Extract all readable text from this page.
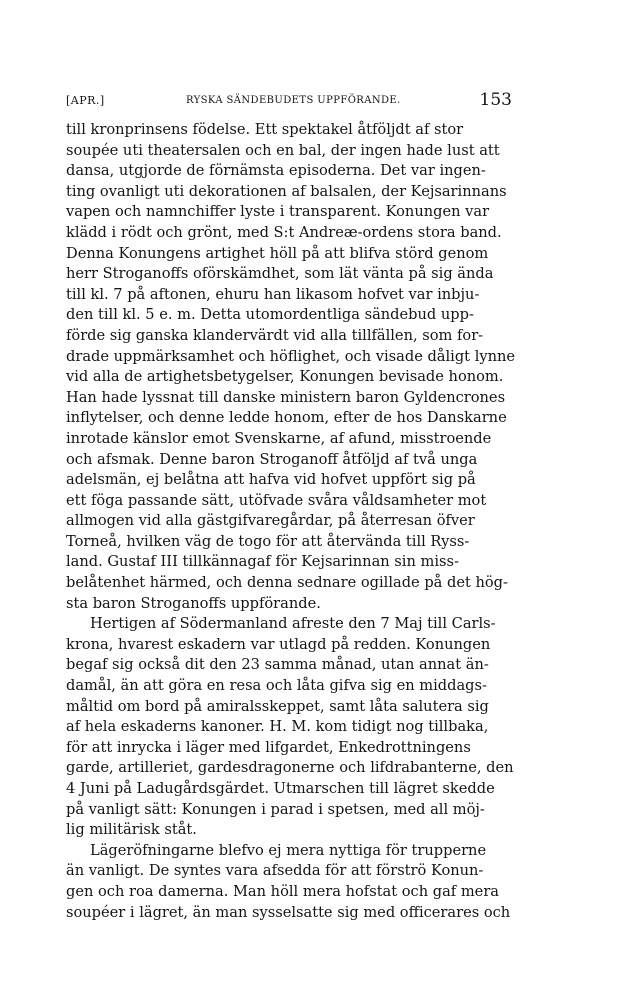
[APR.]	RYSKA SÄNDEBUDETS UPPFÖRANDE.	153
till kronprinsens födelse. Ett spektakel åtföljdt af stor
soupée uti theatersalen och en bal, der ingen hade lust att
dansa, utgjorde de förnämsta episoderna. Det var ingen-
ting ovanligt uti dekorationen af balsalen, der Kejsarinnans
vapen och namnchiffer lyste i transparent. Konungen var
klädd i rödt och grönt, med S:t Andreæ-ordens stora band.
Denna Konungens artighet höll på att blifva störd genom
herr Stroganoffs oförskämdhet, som lät vänta på sig ända
till kl. 7 på aftonen, ehuru han likasom hofvet var inbju-
den till kl. 5 e. m. Detta utomordentliga sändebud upp-
förde sig ganska klandervärdt vid alla tillfällen, som for-
drade uppmärksamhet och höflighet, och visade dåligt lynne
vid alla de artighetsbetygelser, Konungen bevisade honom.
Han hade lyssnat till danske ministern baron Gyldencrones
inflytelser, och denne ledde honom, efter de hos Danskarne
inrotade känslor emot Svenskarne, af afund, misstroende
och afsmak. Denne baron Stroganoff åtföljd af två unga
adelsmän, ej belåtna att hafva vid hofvet uppfört sig på
ett föga passande sätt, utöfvade svåra våldsamheter mot
allmogen vid alla gästgifvaregårdar, på återresan öfver
Torneå, hvilken väg de togo för att återvända till Ryss-
land. Gustaf III tillkännagaf för Kejsarinnan sin miss-
belåtenhet härmed, och denna sednare ogillade på det hög-
sta baron Stroganoffs uppförande.
Hertigen af Södermanland afreste den 7 Maj till Carls-
krona, hvarest eskadern var utlagd på redden. Konungen
begaf sig också dit den 23 samma månad, utan annat än-
damål, än att göra en resa och låta gifva sig en middags-
måltid om bord på amiralsskeppet, samt låta salutera sig
af hela eskaderns kanoner. H. M. kom tidigt nog tillbaka,
för att inrycka i läger med lifgardet, Enkedrottningens
garde, artilleriet, gardesdragonerne och lifdrabanterne, den
4 Juni på Ladugårdsgärdet. Utmarschen till lägret skedde
på vanligt sätt: Konungen i parad i spetsen, med all möj-
lig militärisk ståt.
Lägeröfningarne blefvo ej mera nyttiga för trupperne
än vanligt. De syntes vara afsedda för att förströ Konun-
gen och roa damerna. Man höll mera hofstat och gaf mera
soupéer i lägret, än man sysselsatte sig med officerares och
